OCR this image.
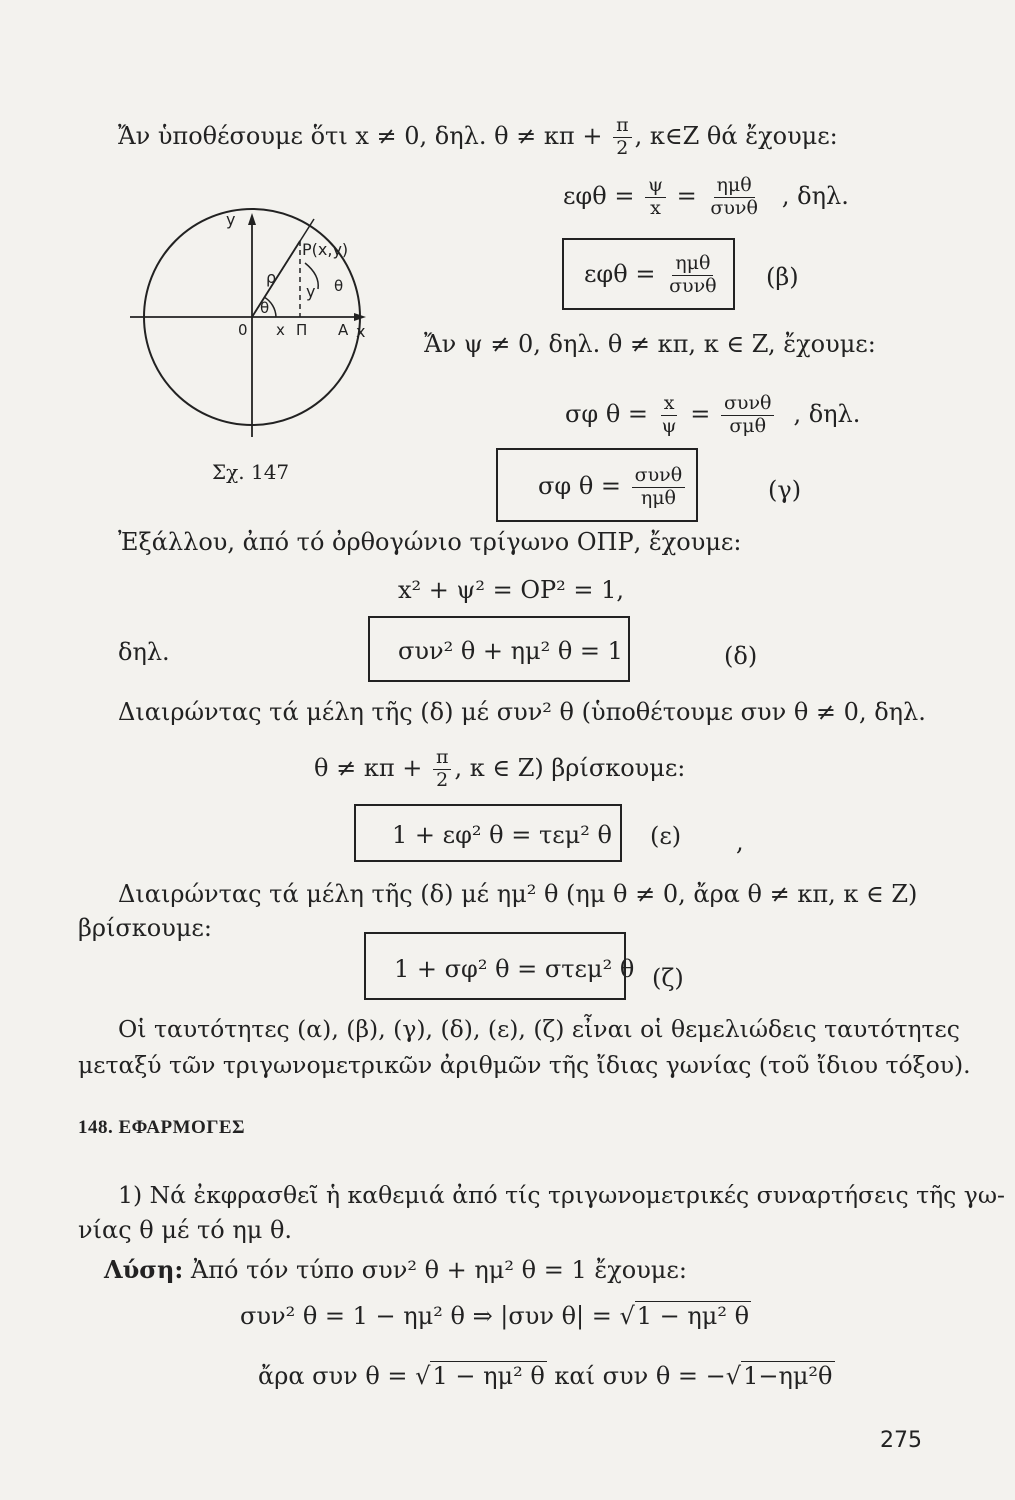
Ἄν ὑποθέσουμε ὅτι x ≠ 0, δηλ. $\theta \ne \kappa\pi + \frac{\pi}{2}$ , κ∈Z θά ἔχουμε:
$\varepsilon\varphi\theta = \frac{\psi}{x} = \frac{\text{ημθ}}{\text{συνθ}}$ , δηλ.
$\varepsilon\varphi\theta = \frac{\text{ημθ}}{\text{συνθ}} (\beta)$
y
x
P(x,y)
ρ
y
θ
θ
0 x Π A	Ἄν ψ ≠ 0, δηλ. θ ≠ κπ, κ ∈ Z, ἔχουμε:
σφ $\theta = \frac{x}{\psi} = \frac{\text{συνθ}}{\text{σμθ}}$ , δηλ.
σφ $\theta = \frac{\text{συνθ}}{\text{ημθ}}$	(γ)
Σχ. 147
Ἐξάλλου, ἀπό τό ὀρθογώνιο τρίγωνο ΟΠΡ, ἔχουμε:
x² + ψ² = ΟΡ² = 1,
δηλ.	συν² θ + ημ² θ = 1	(δ)
Διαιρώντας τά μέλη τῆς (δ) μέ συν² θ (ὑποθέτουμε συν θ ≠ 0, δηλ.
$\theta \ne \kappa\pi + \frac{\pi}{2}$ , κ ∈ Z) βρίσκουμε:
1 + εφ² θ = τεμ² θ (ε) ,
Διαιρώντας τά μέλη τῆς (δ) μέ ημ² θ (ημ θ ≠ 0, ἄρα θ ≠ κπ, κ ∈ Z)
βρίσκουμε:
1 + σφ² θ = στεμ² θ (ζ)
Οἱ ταυτότητες (α), (β), (γ), (δ), (ε), (ζ) εἶναι οἱ θεμελιώδεις ταυτότητες
μεταξύ τῶν τριγωνομετρικῶν ἀριθμῶν τῆς ἴδιας γωνίας (τοῦ ἴδιου τόξου).
148. ΕΦΑΡΜΟΓΕΣ
1) Νά ἐκφρασθεῖ ἡ καθεμιά ἀπό τίς τριγωνομετρικές συναρτήσεις τῆς γω-
νίας θ μέ τό ημ θ.
Λύση: Ἀπό τόν τύπο συν² θ + ημ² θ = 1 ἔχουμε:
συν² θ = 1 − ημ² θ ⇒ |συν θ| = √1 − ημ² θ
ἄρα συν θ = √1 − ημ² θ καί συν θ = −√1−ημ²θ
275
